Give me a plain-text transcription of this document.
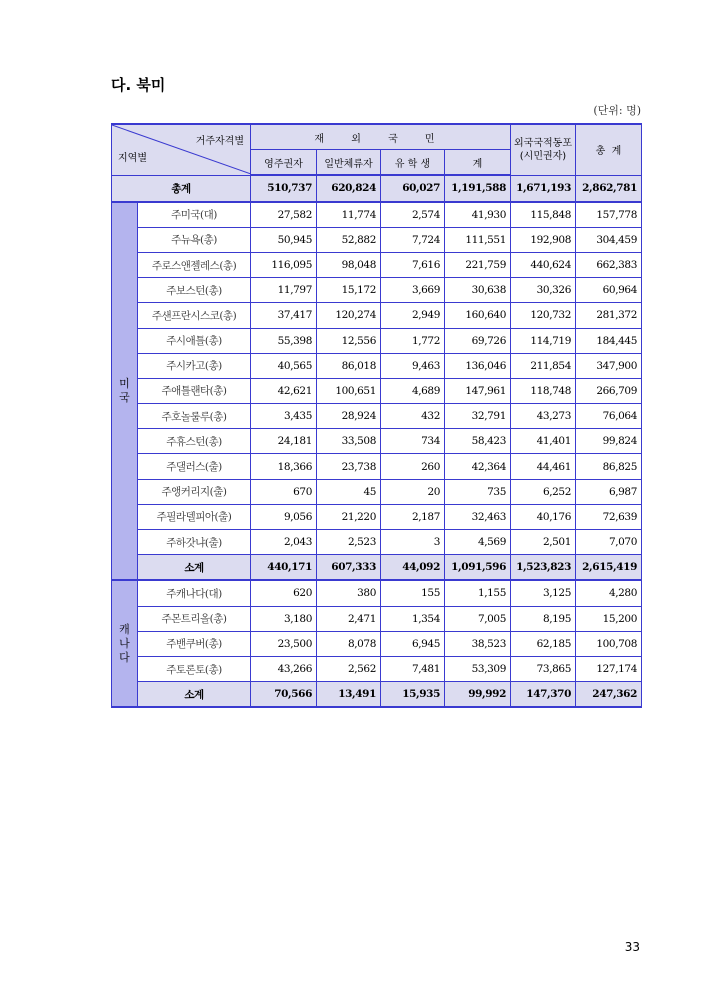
다. 북미
(단위: 명)
거주자격별
지역별		재 외 국 민				외국국적동포
(시민권자)	총  계
		영주권자	일반체류자	유 학 생	계		
총계		510,737	620,824	60,027	1,191,588	1,671,193	2,862,781

미
국	주미국(대)	27,582	11,774	2,574	41,930	115,848	157,778
	주뉴욕(총)	50,945	52,882	7,724	111,551	192,908	304,459
	주로스앤젤레스(총)	116,095	98,048	7,616	221,759	440,624	662,383
	주보스턴(총)	11,797	15,172	3,669	30,638	30,326	60,964
	주샌프란시스코(총)	37,417	120,274	2,949	160,640	120,732	281,372
	주시애틀(총)	55,398	12,556	1,772	69,726	114,719	184,445
	주시카고(총)	40,565	86,018	9,463	136,046	211,854	347,900
	주애틀랜타(총)	42,621	100,651	4,689	147,961	118,748	266,709
	주호놀룰루(총)	3,435	28,924	432	32,791	43,273	76,064
	주휴스턴(총)	24,181	33,508	734	58,423	41,401	99,824
	주댈러스(출)	18,366	23,738	260	42,364	44,461	86,825
	주앵커리지(출)	670	45	20	735	6,252	6,987
	주필라델피아(출)	9,056	21,220	2,187	32,463	40,176	72,639
	주하갓냐(출)	2,043	2,523	3	4,569	2,501	7,070
	소계	440,171	607,333	44,092	1,091,596	1,523,823	2,615,419

캐
나
다	주캐나다(대)	620	380	155	1,155	3,125	4,280
	주몬트리올(총)	3,180	2,471	1,354	7,005	8,195	15,200
	주밴쿠버(총)	23,500	8,078	6,945	38,523	62,185	100,708
	주토론토(총)	43,266	2,562	7,481	53,309	73,865	127,174
	소계	70,566	13,491	15,935	99,992	147,370	247,362
33
